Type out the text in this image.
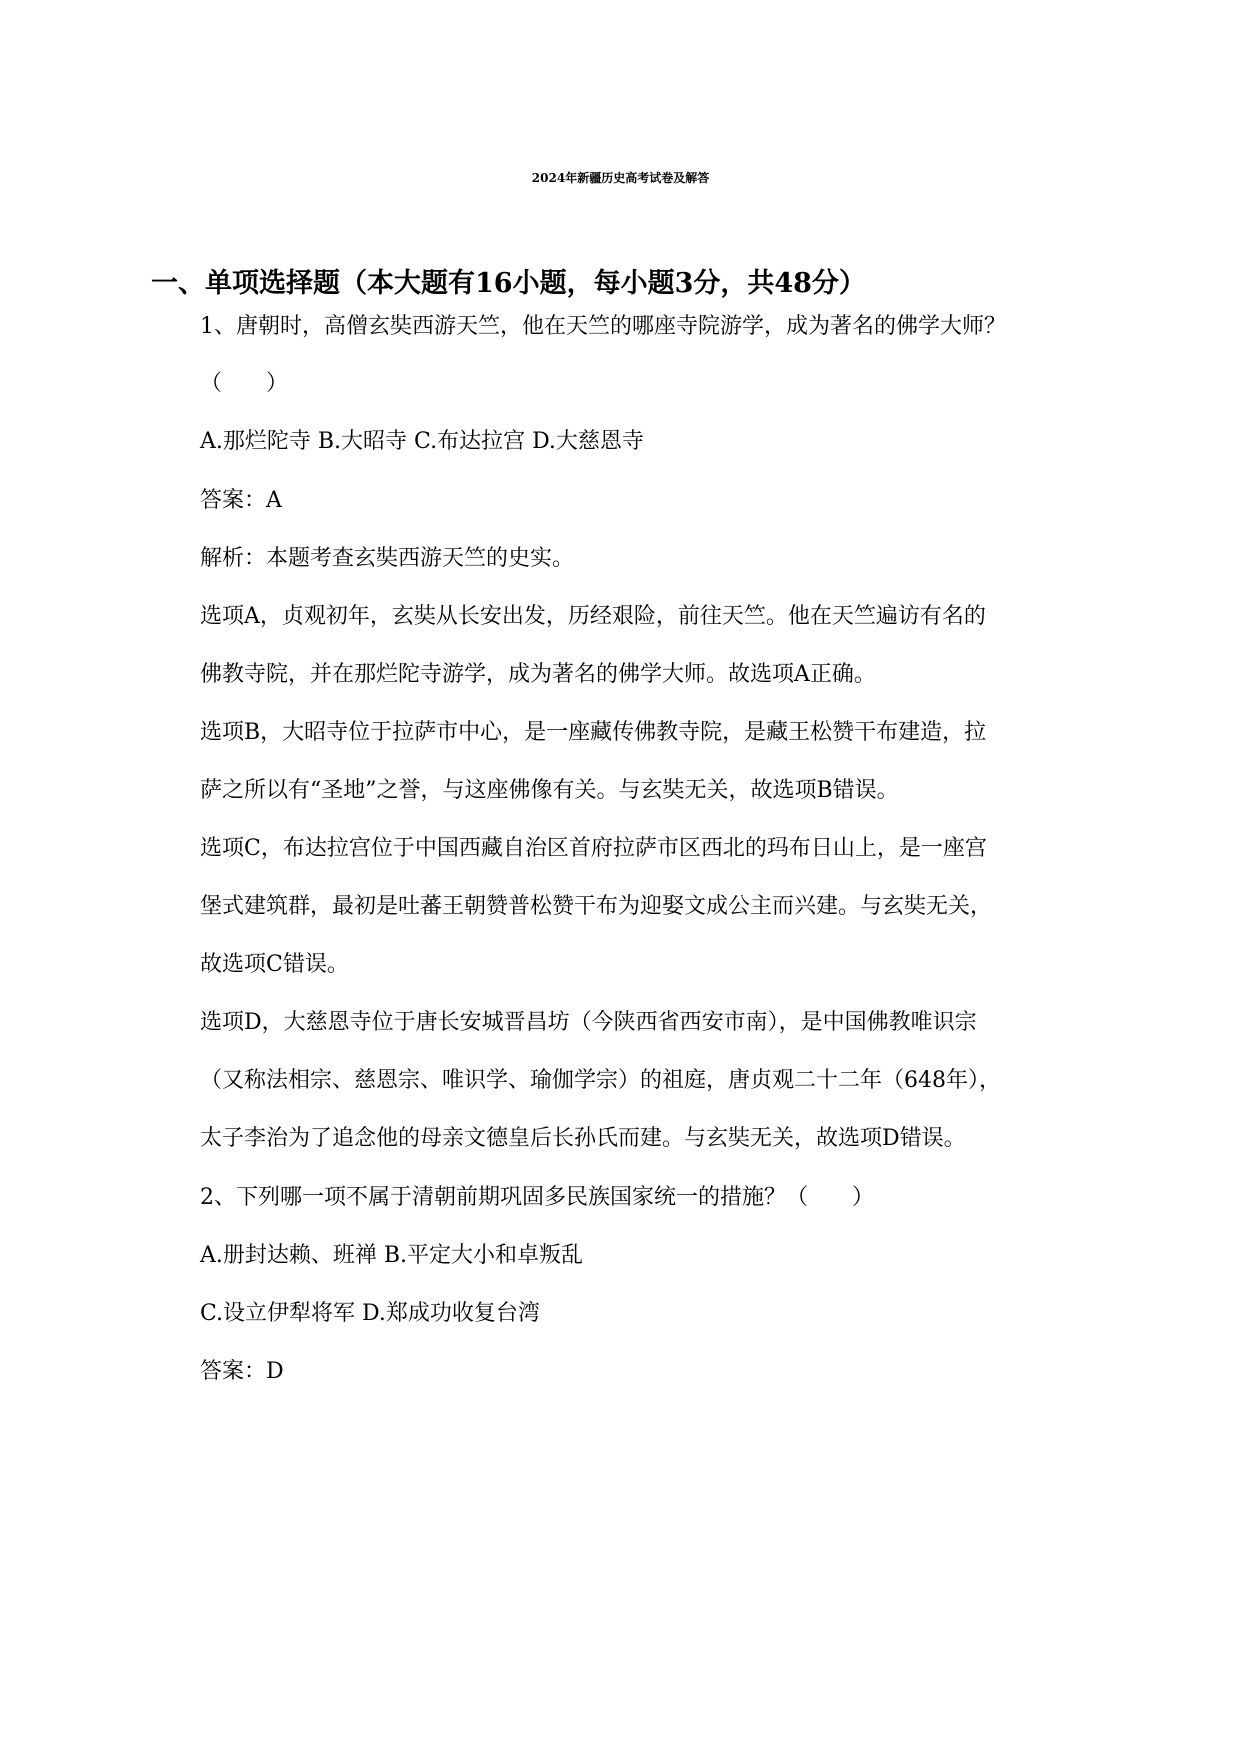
2024年新疆历史高考试卷及解答
一、单项选择题（本大题有16小题，每小题3分，共48分）
1、唐朝时，高僧玄奘西游天竺，他在天竺的哪座寺院游学，成为著名的佛学大师？
（　　）
A.那烂陀寺 B.大昭寺 C.布达拉宫 D.大慈恩寺
答案：A
解析：本题考查玄奘西游天竺的史实。
选项A，贞观初年，玄奘从长安出发，历经艰险，前往天竺。他在天竺遍访有名的
佛教寺院，并在那烂陀寺游学，成为著名的佛学大师。故选项A正确。
选项B，大昭寺位于拉萨市中心，是一座藏传佛教寺院，是藏王松赞干布建造，拉
萨之所以有“圣地”之誉，与这座佛像有关。与玄奘无关，故选项B错误。
选项C，布达拉宫位于中国西藏自治区首府拉萨市区西北的玛布日山上，是一座宫
堡式建筑群，最初是吐蕃王朝赞普松赞干布为迎娶文成公主而兴建。与玄奘无关，
故选项C错误。
选项D，大慈恩寺位于唐长安城晋昌坊（今陕西省西安市南），是中国佛教唯识宗
（又称法相宗、慈恩宗、唯识学、瑜伽学宗）的祖庭，唐贞观二十二年（648年），
太子李治为了追念他的母亲文德皇后长孙氏而建。与玄奘无关，故选项D错误。
2、下列哪一项不属于清朝前期巩固多民族国家统一的措施？（　　）
A.册封达赖、班禅 B.平定大小和卓叛乱
C.设立伊犁将军 D.郑成功收复台湾
答案：D
